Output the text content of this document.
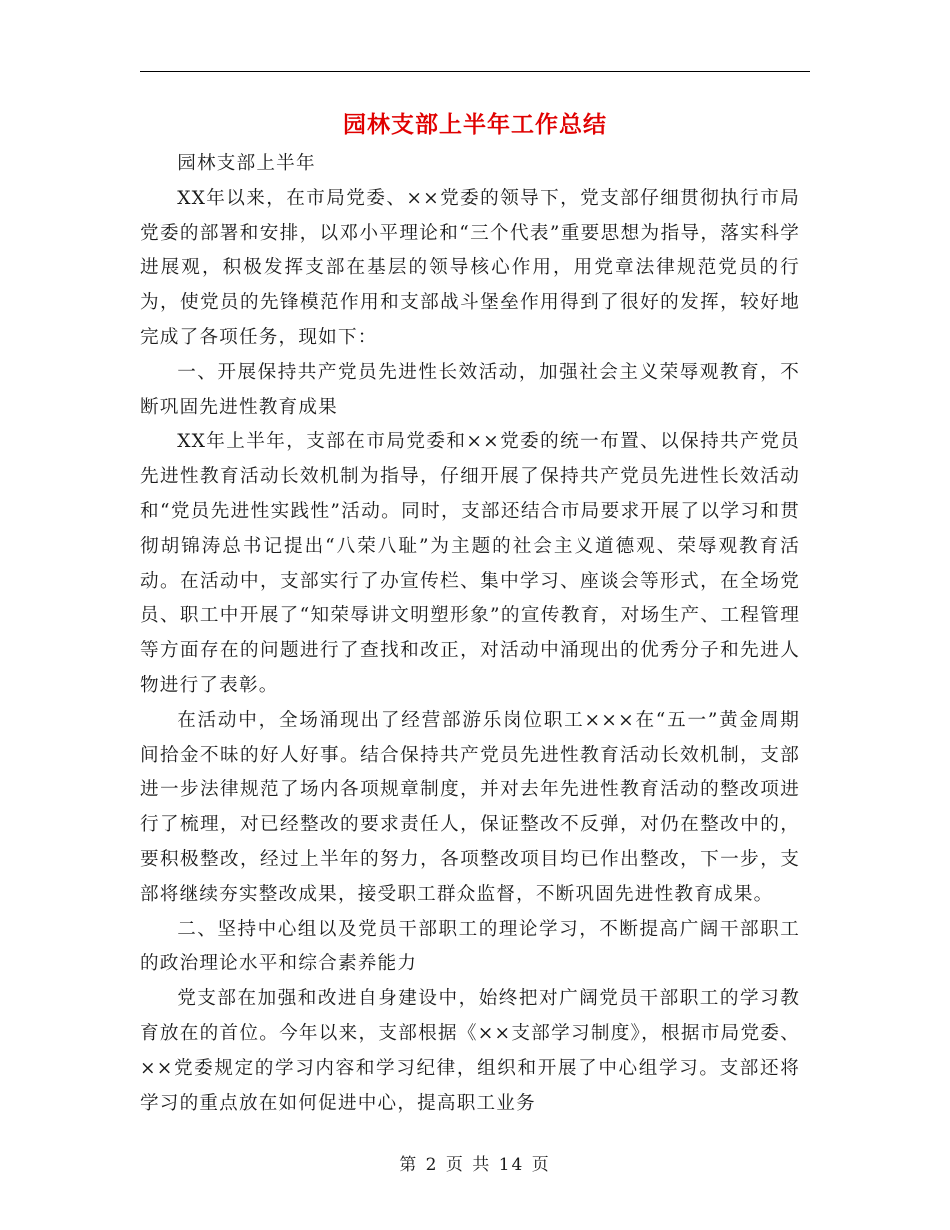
园林支部上半年工作总结

园林支部上半年

XX年以来，在市局党委、××党委的领导下，党支部仔细贯彻执行市局党委的部署和安排，以邓小平理论和“三个代表”重要思想为指导，落实科学进展观，积极发挥支部在基层的领导核心作用，用党章法律规范党员的行为，使党员的先锋模范作用和支部战斗堡垒作用得到了很好的发挥，较好地完成了各项任务，现如下：

一、开展保持共产党员先进性长效活动，加强社会主义荣辱观教育，不断巩固先进性教育成果

XX年上半年，支部在市局党委和××党委的统一布置、以保持共产党员先进性教育活动长效机制为指导，仔细开展了保持共产党员先进性长效活动和“党员先进性实践性”活动。同时，支部还结合市局要求开展了以学习和贯彻胡锦涛总书记提出“八荣八耻”为主题的社会主义道德观、荣辱观教育活动。在活动中，支部实行了办宣传栏、集中学习、座谈会等形式，在全场党员、职工中开展了“知荣辱讲文明塑形象”的宣传教育，对场生产、工程管理等方面存在的问题进行了查找和改正，对活动中涌现出的优秀分子和先进人物进行了表彰。

在活动中，全场涌现出了经营部游乐岗位职工×××在“五一”黄金周期间拾金不昧的好人好事。结合保持共产党员先进性教育活动长效机制，支部进一步法律规范了场内各项规章制度，并对去年先进性教育活动的整改项进行了梳理，对已经整改的要求责任人，保证整改不反弹，对仍在整改中的，要积极整改，经过上半年的努力，各项整改项目均已作出整改，下一步，支部将继续夯实整改成果，接受职工群众监督，不断巩固先进性教育成果。

二、坚持中心组以及党员干部职工的理论学习，不断提高广阔干部职工的政治理论水平和综合素养能力

党支部在加强和改进自身建设中，始终把对广阔党员干部职工的学习教育放在的首位。今年以来，支部根据《××支部学习制度》，根据市局党委、××党委规定的学习内容和学习纪律，组织和开展了中心组学习。支部还将学习的重点放在如何促进中心，提高职工业务

第 2 页 共 14 页
